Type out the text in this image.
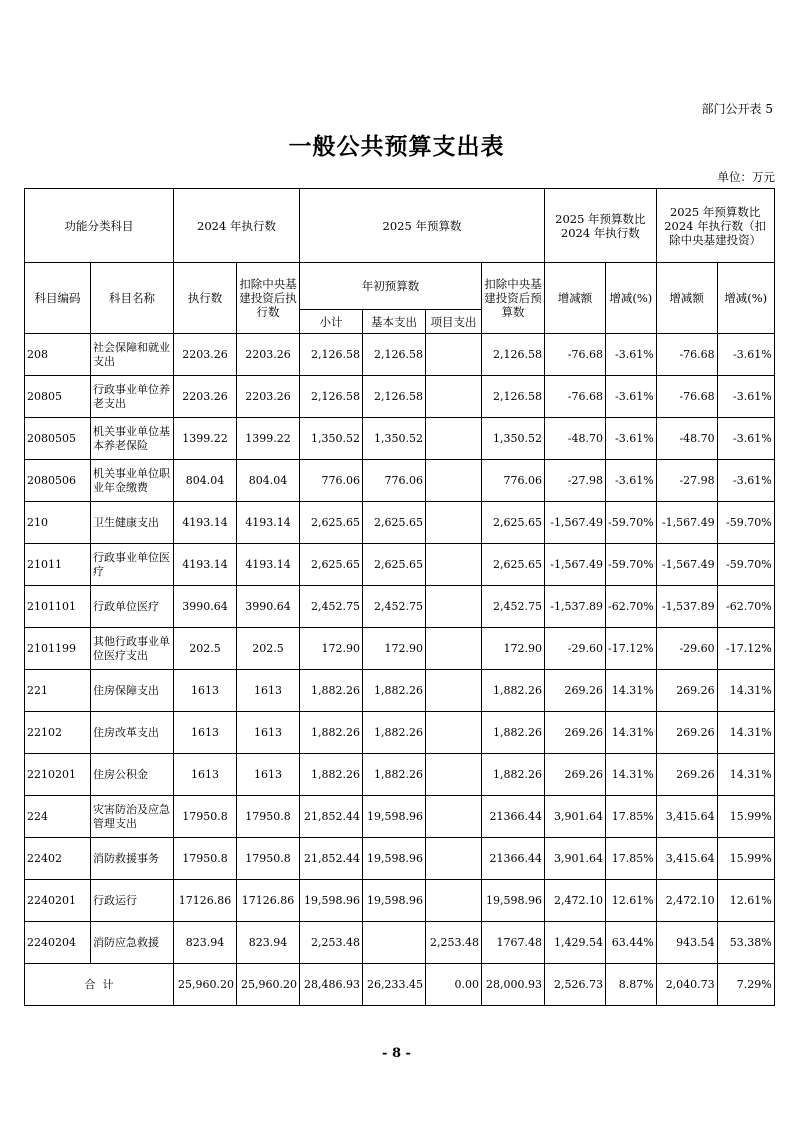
部门公开表 5
一般公共预算支出表
单位：万元
功能分类科目		2024 年执行数		2025 年预算数				2025 年预算数比 2024 年执行数		2025 年预算数比 2024 年执行数（扣除中央基建投资）	
科目编码	科目名称	执行数	扣除中央基建投资后执行数	年初预算数			扣除中央基建投资后预算数	增减额	增减(%)	增减额	增减(%)
				小计	基本支出	项目支出					
208	社会保障和就业支出	2203.26	2203.26	2,126.58	2,126.58		2,126.58	-76.68	-3.61%	-76.68	-3.61%
20805	行政事业单位养老支出	2203.26	2203.26	2,126.58	2,126.58		2,126.58	-76.68	-3.61%	-76.68	-3.61%
2080505	机关事业单位基本养老保险	1399.22	1399.22	1,350.52	1,350.52		1,350.52	-48.70	-3.61%	-48.70	-3.61%
2080506	机关事业单位职业年金缴费	804.04	804.04	776.06	776.06		776.06	-27.98	-3.61%	-27.98	-3.61%
210	卫生健康支出	4193.14	4193.14	2,625.65	2,625.65		2,625.65	-1,567.49	-59.70%	-1,567.49	-59.70%
21011	行政事业单位医疗	4193.14	4193.14	2,625.65	2,625.65		2,625.65	-1,567.49	-59.70%	-1,567.49	-59.70%
2101101	行政单位医疗	3990.64	3990.64	2,452.75	2,452.75		2,452.75	-1,537.89	-62.70%	-1,537.89	-62.70%
2101199	其他行政事业单位医疗支出	202.5	202.5	172.90	172.90		172.90	-29.60	-17.12%	-29.60	-17.12%
221	住房保障支出	1613	1613	1,882.26	1,882.26		1,882.26	269.26	14.31%	269.26	14.31%
22102	住房改革支出	1613	1613	1,882.26	1,882.26		1,882.26	269.26	14.31%	269.26	14.31%
2210201	住房公积金	1613	1613	1,882.26	1,882.26		1,882.26	269.26	14.31%	269.26	14.31%
224	灾害防治及应急管理支出	17950.8	17950.8	21,852.44	19,598.96		21366.44	3,901.64	17.85%	3,415.64	15.99%
22402	消防救援事务	17950.8	17950.8	21,852.44	19,598.96		21366.44	3,901.64	17.85%	3,415.64	15.99%
2240201	行政运行	17126.86	17126.86	19,598.96	19,598.96		19,598.96	2,472.10	12.61%	2,472.10	12.61%
2240204	消防应急救援	823.94	823.94	2,253.48		2,253.48	1767.48	1,429.54	63.44%	943.54	53.38%
合  计		25,960.20	25,960.20	28,486.93	26,233.45	0.00	28,000.93	2,526.73	8.87%	2,040.73	7.29%
- 8 -
